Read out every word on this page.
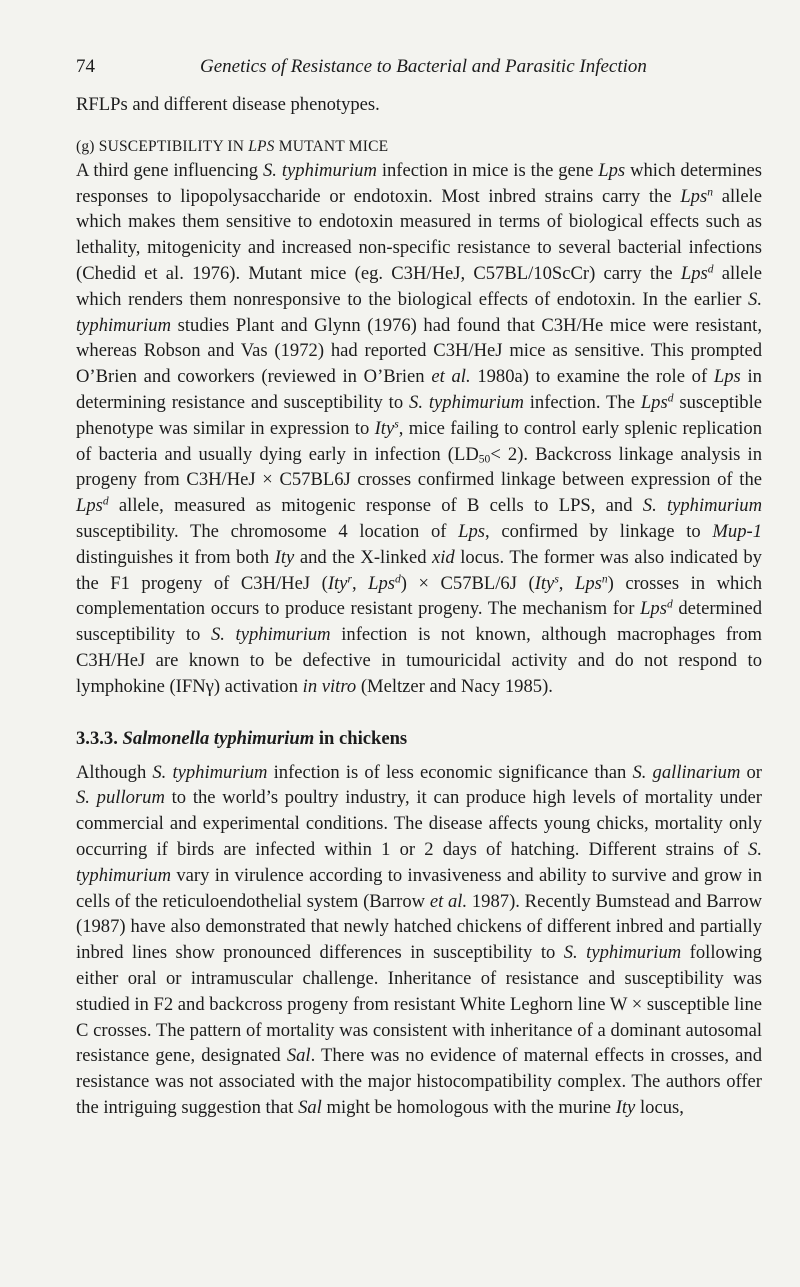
74	Genetics of Resistance to Bacterial and Parasitic Infection

RFLPs and different disease phenotypes.

(g) SUSCEPTIBILITY IN LPS MUTANT MICE

A third gene influencing S. typhimurium infection in mice is the gene Lps which determines responses to lipopolysaccharide or endotoxin. Most inbred strains carry the Lps$^n$ allele which makes them sensitive to endotoxin measured in terms of biological effects such as lethality, mitogenicity and increased non-specific resistance to several bacterial infections (Chedid et al. 1976). Mutant mice (eg. C3H/HeJ, C57BL/10ScCr) carry the Lps$^d$ allele which renders them nonresponsive to the biological effects of endotoxin. In the earlier S. typhimurium studies Plant and Glynn (1976) had found that C3H/He mice were resistant, whereas Robson and Vas (1972) had reported C3H/HeJ mice as sensitive. This prompted O’Brien and coworkers (reviewed in O’Brien et al. 1980a) to examine the role of Lps in determining resistance and susceptibility to S. typhimurium infection. The Lps$^d$ susceptible phenotype was similar in expression to Ity$^s$, mice failing to control early splenic replication of bacteria and usually dying early in infection $(LD_{50}< 2)$. Backcross linkage analysis in progeny from C3H/HeJ × C57BL6J crosses confirmed linkage between expression of the Lps$^d$ allele, measured as mitogenic response of B cells to LPS, and S. typhimurium susceptibility. The chromosome 4 location of Lps, confirmed by linkage to Mup-1 distinguishes it from both Ity and the X-linked xid locus. The former was also indicated by the F1 progeny of C3H/HeJ (Ity$^r$, Lps$^d$) × C57BL/6J (Ity$^s$, Lps$^n$) crosses in which complementation occurs to produce resistant progeny. The mechanism for Lps$^d$ determined susceptibility to S. typhimurium infection is not known, although macrophages from C3H/HeJ are known to be defective in tumouricidal activity and do not respond to lymphokine (IFNγ) activation in vitro (Meltzer and Nacy 1985).

3.3.3. Salmonella typhimurium in chickens

Although S. typhimurium infection is of less economic significance than S. gallinarium or S. pullorum to the world’s poultry industry, it can produce high levels of mortality under commercial and experimental conditions. The disease affects young chicks, mortality only occurring if birds are infected within 1 or 2 days of hatching. Different strains of S. typhimurium vary in virulence according to invasiveness and ability to survive and grow in cells of the reticuloendothelial system (Barrow et al. 1987). Recently Bumstead and Barrow (1987) have also demonstrated that newly hatched chickens of different inbred and partially inbred lines show pronounced differences in susceptibility to S. typhimurium following either oral or intramuscular challenge. Inheritance of resistance and susceptibility was studied in F2 and backcross progeny from resistant White Leghorn line W × susceptible line C crosses. The pattern of mortality was consistent with inheritance of a dominant autosomal resistance gene, designated Sal. There was no evidence of maternal effects in crosses, and resistance was not associated with the major histocompatibility complex. The authors offer the intriguing suggestion that Sal might be homologous with the murine Ity locus,
